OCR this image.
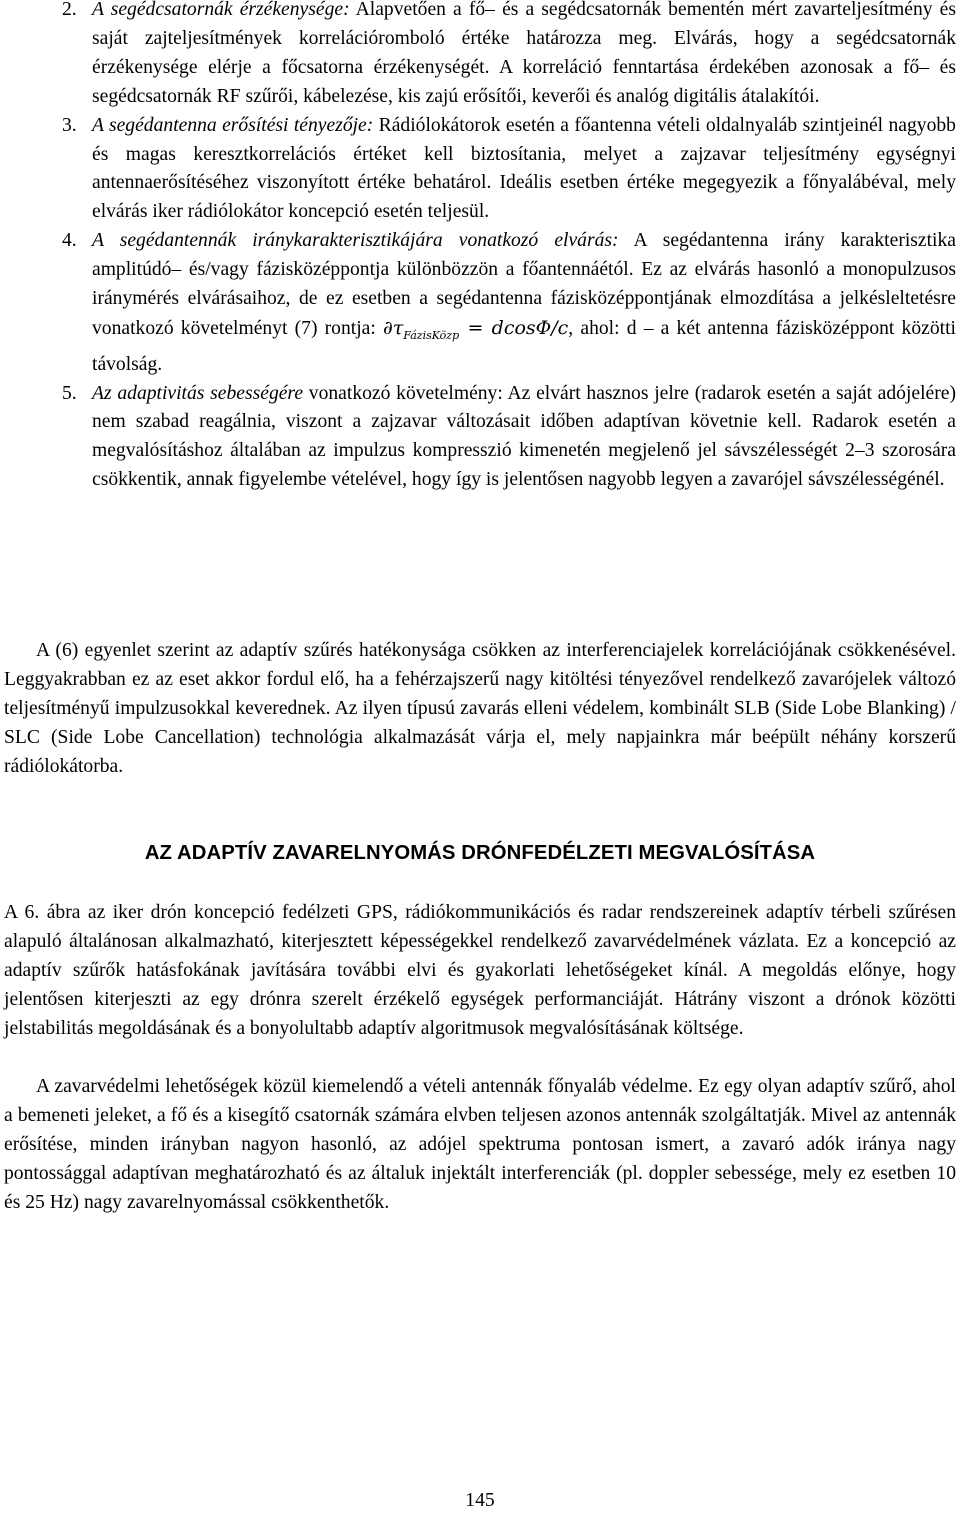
2. A segédcsatornák érzékenysége: Alapvetően a fő– és a segédcsatornák bementén mért zavarteljesítmény és saját zajteljesítmények korrelációromboló értéke határozza meg. Elvárás, hogy a segédcsatornák érzékenysége elérje a főcsatorna érzékenységét. A korreláció fenntartása érdekében azonosak a fő– és segédcsatornák RF szűrői, kábelezése, kis zajú erősítői, keverői és analóg digitális átalakítói.

3. A segédantenna erősítési tényezője: Rádiólokátorok esetén a főantenna vételi oldalnyaláb szintjeinél nagyobb és magas keresztkorrelációs értéket kell biztosítania, melyet a zajzavar teljesítmény egységnyi antennaerősítéséhez viszonyított értéke behatárol. Ideális esetben értéke megegyezik a főnyalábéval, mely elvárás iker rádiólokátor koncepció esetén teljesül.

4. A segédantennák iránykarakterisztikájára vonatkozó elvárás: A segédantenna irány karakterisztika amplitúdó– és/vagy fázisközéppontja különbözzön a főantennáétól. Ez az elvárás hasonló a monopulzusos iránymérés elvárásaihoz, de ez esetben a segédantenna fázisközéppontjának elmozdítása a jelkésleltetésre vonatkozó követelményt (7) rontja: $\partial\tau_{FázisKözp} = dcos\Phi/c$, ahol: d – a két antenna fázisközéppont közötti távolság.

5. Az adaptivitás sebességére vonatkozó követelmény: Az elvárt hasznos jelre (radarok esetén a saját adójelére) nem szabad reagálnia, viszont a zajzavar változásait időben adaptívan követnie kell. Radarok esetén a megvalósításhoz általában az impulzus kompresszió kimenetén megjelenő jel sávszélességét 2–3 szorosára csökkentik, annak figyelembe vételével, hogy így is jelentősen nagyobb legyen a zavarójel sávszélességénél.

A (6) egyenlet szerint az adaptív szűrés hatékonysága csökken az interferenciajelek korrelációjának csökkenésével. Leggyakrabban ez az eset akkor fordul elő, ha a fehérzajszerű nagy kitöltési tényezővel rendelkező zavarójelek változó teljesítményű impulzusokkal keverednek. Az ilyen típusú zavarás elleni védelem, kombinált SLB (Side Lobe Blanking) / SLC (Side Lobe Cancellation) technológia alkalmazását várja el, mely napjainkra már beépült néhány korszerű rádiólokátorba.

AZ ADAPTÍV ZAVARELNYOMÁS DRÓNFEDÉLZETI MEGVALÓSÍTÁSA

A 6. ábra az iker drón koncepció fedélzeti GPS, rádiókommunikációs és radar rendszereinek adaptív térbeli szűrésen alapuló általánosan alkalmazható, kiterjesztett képességekkel rendelkező zavarvédelmének vázlata. Ez a koncepció az adaptív szűrők hatásfokának javítására további elvi és gyakorlati lehetőségeket kínál. A megoldás előnye, hogy jelentősen kiterjeszti az egy drónra szerelt érzékelő egységek performanciáját. Hátrány viszont a drónok közötti jelstabilitás megoldásának és a bonyolultabb adaptív algoritmusok megvalósításának költsége.

A zavarvédelmi lehetőségek közül kiemelendő a vételi antennák főnyaláb védelme. Ez egy olyan adaptív szűrő, ahol a bemeneti jeleket, a fő és a kisegítő csatornák számára elvben teljesen azonos antennák szolgáltatják. Mivel az antennák erősítése, minden irányban nagyon hasonló, az adójel spektruma pontosan ismert, a zavaró adók iránya nagy pontossággal adaptívan meghatározható és az általuk injektált interferenciák (pl. doppler sebessége, mely ez esetben 10 és 25 Hz) nagy zavarelnyomással csökkenthetők.

145
